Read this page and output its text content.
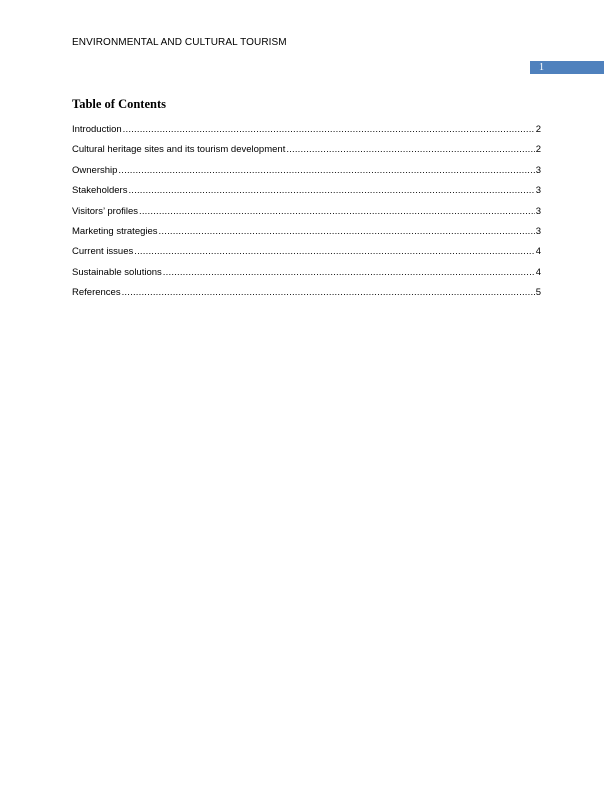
ENVIRONMENTAL AND CULTURAL TOURISM
1
Table of Contents
Introduction .....	2
Cultural heritage sites and its tourism development .....	2
Ownership .....	3
Stakeholders .....	3
Visitors’ profiles .....	3
Marketing strategies .....	3
Current issues .....	4
Sustainable solutions .....	4
References .....	5
